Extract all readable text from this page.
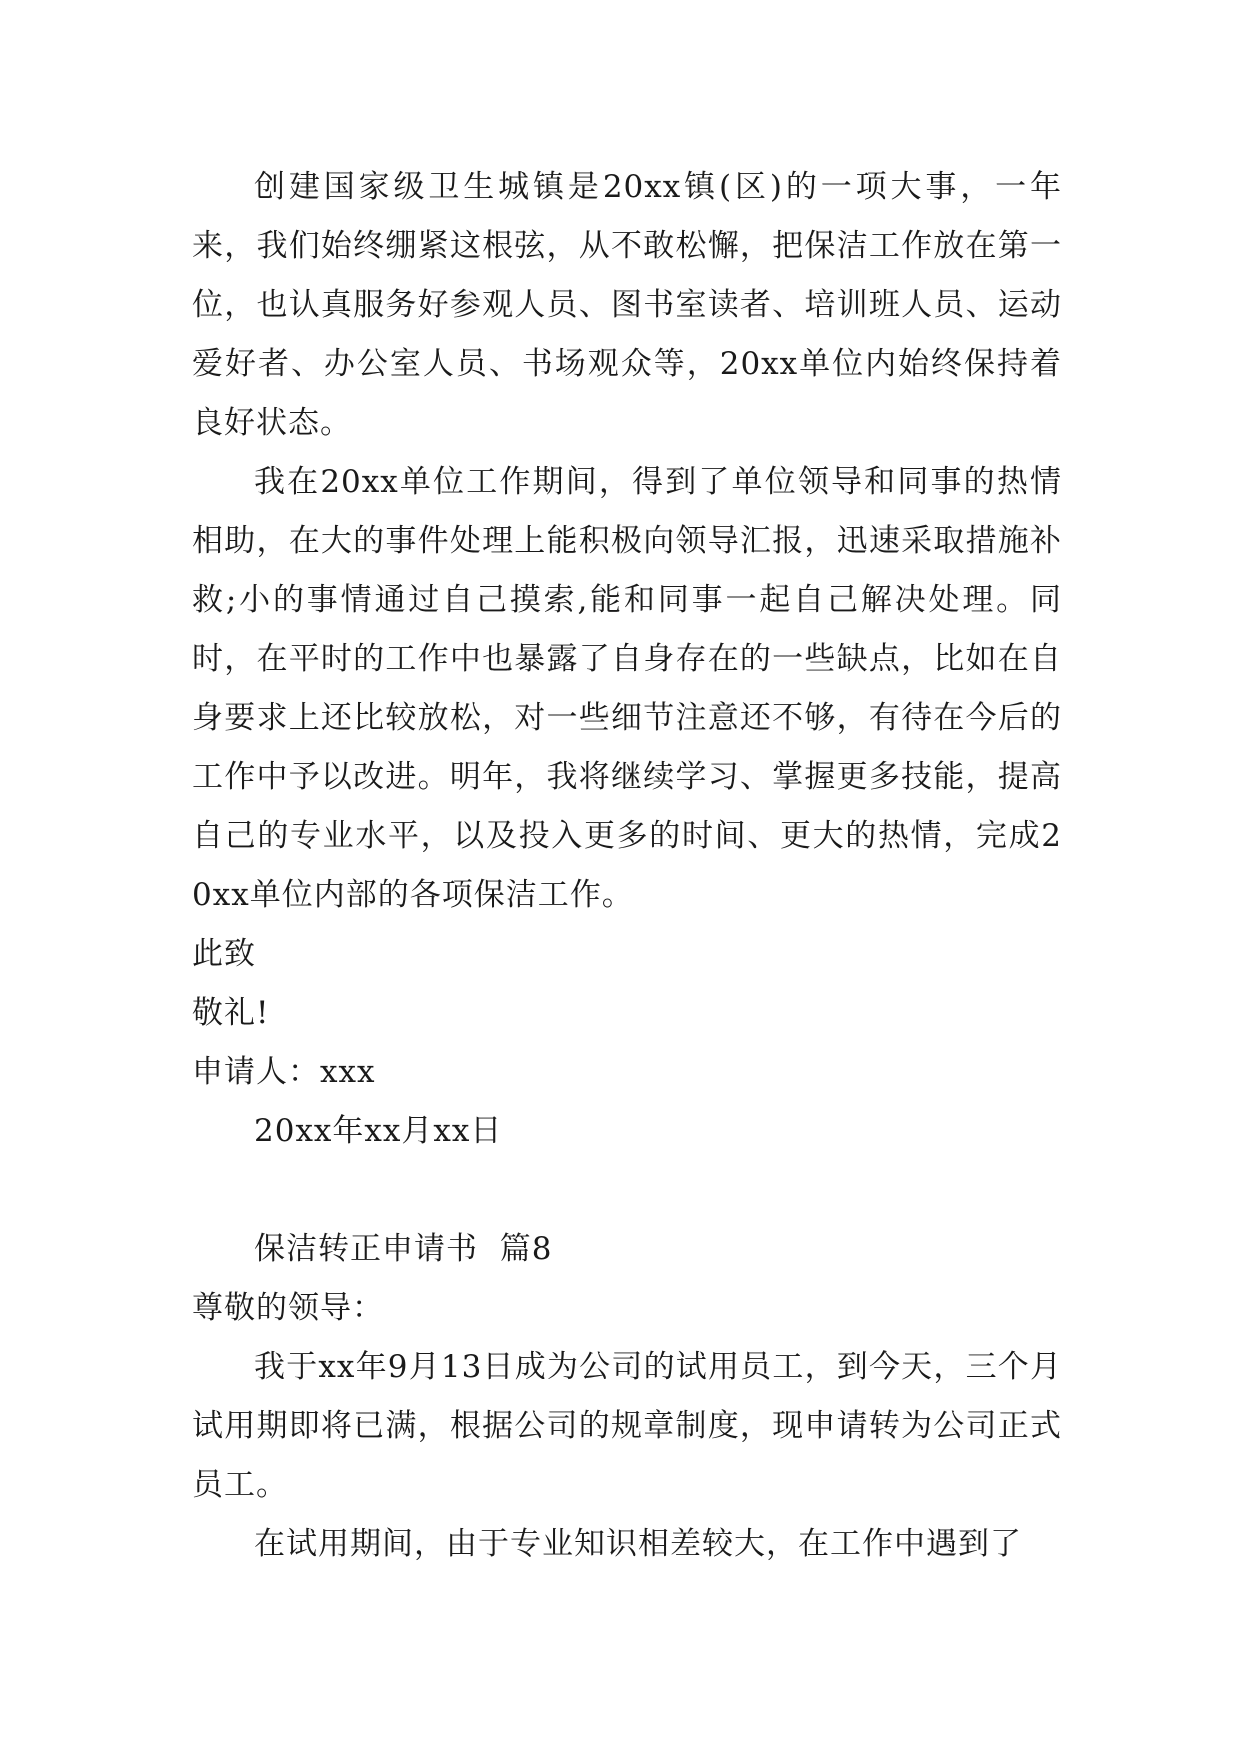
创建国家级卫生城镇是20xx镇(区)的一项大事，一年来，我们始终绷紧这根弦，从不敢松懈，把保洁工作放在第一位，也认真服务好参观人员、图书室读者、培训班人员、运动爱好者、办公室人员、书场观众等，20xx单位内始终保持着良好状态。

我在20xx单位工作期间，得到了单位领导和同事的热情相助，在大的事件处理上能积极向领导汇报，迅速采取措施补救;小的事情通过自己摸索,能和同事一起自己解决处理。同时，在平时的工作中也暴露了自身存在的一些缺点，比如在自身要求上还比较放松，对一些细节注意还不够，有待在今后的工作中予以改进。明年，我将继续学习、掌握更多技能，提高自己的专业水平，以及投入更多的时间、更大的热情，完成20xx单位内部的各项保洁工作。

此致

敬礼!

申请人：xxx

20xx年xx月xx日

保洁转正申请书  篇8

尊敬的领导：

我于xx年9月13日成为公司的试用员工，到今天，三个月试用期即将已满，根据公司的规章制度，现申请转为公司正式员工。

在试用期间，由于专业知识相差较大，在工作中遇到了
